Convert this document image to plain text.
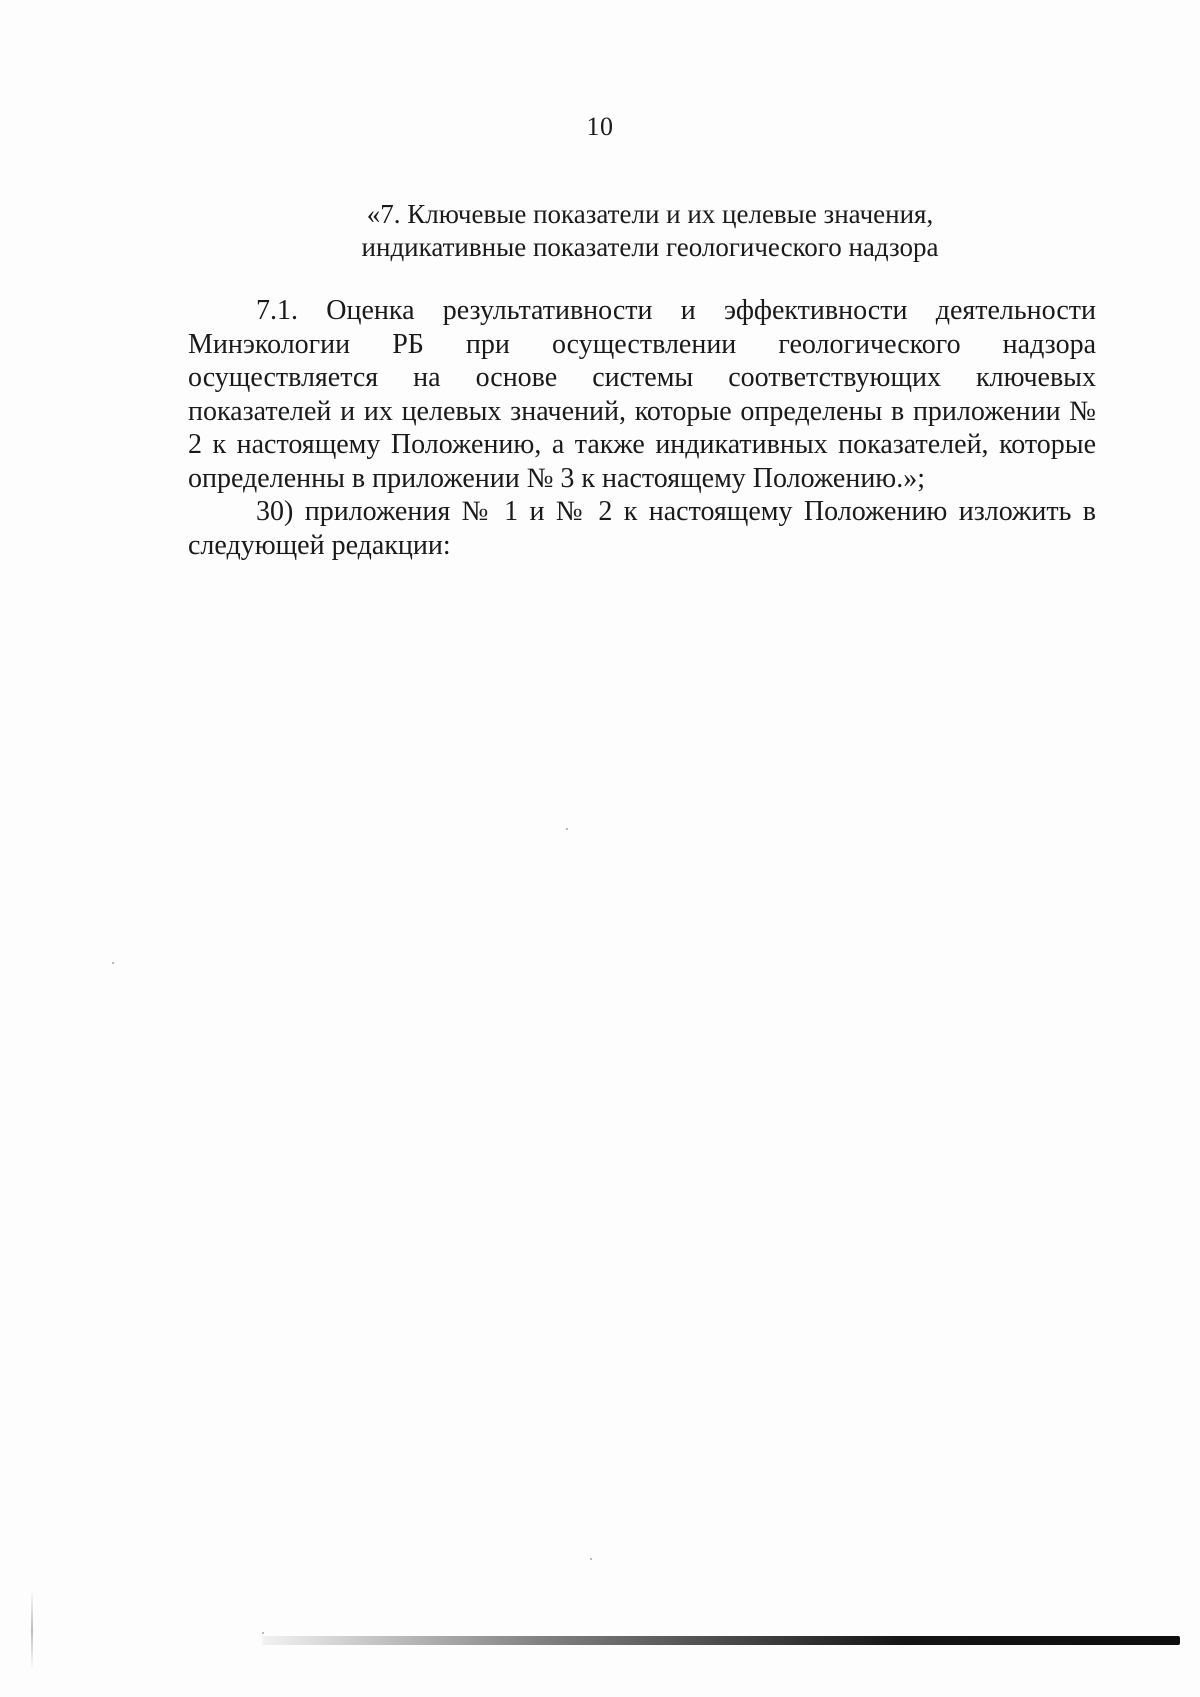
10
«7. Ключевые показатели и их целевые значения,
индикативные показатели геологического надзора

7.1. Оценка результативности и эффективности деятельности Минэкологии РБ при осуществлении геологического надзора осуществляется на основе системы соответствующих ключевых показателей и их целевых значений, которые определены в приложении № 2 к настоящему Положению, а также индикативных показателей, которые определенны в приложении № 3 к настоящему Положению.»;

30) приложения № 1 и № 2 к настоящему Положению изложить в следующей редакции:
